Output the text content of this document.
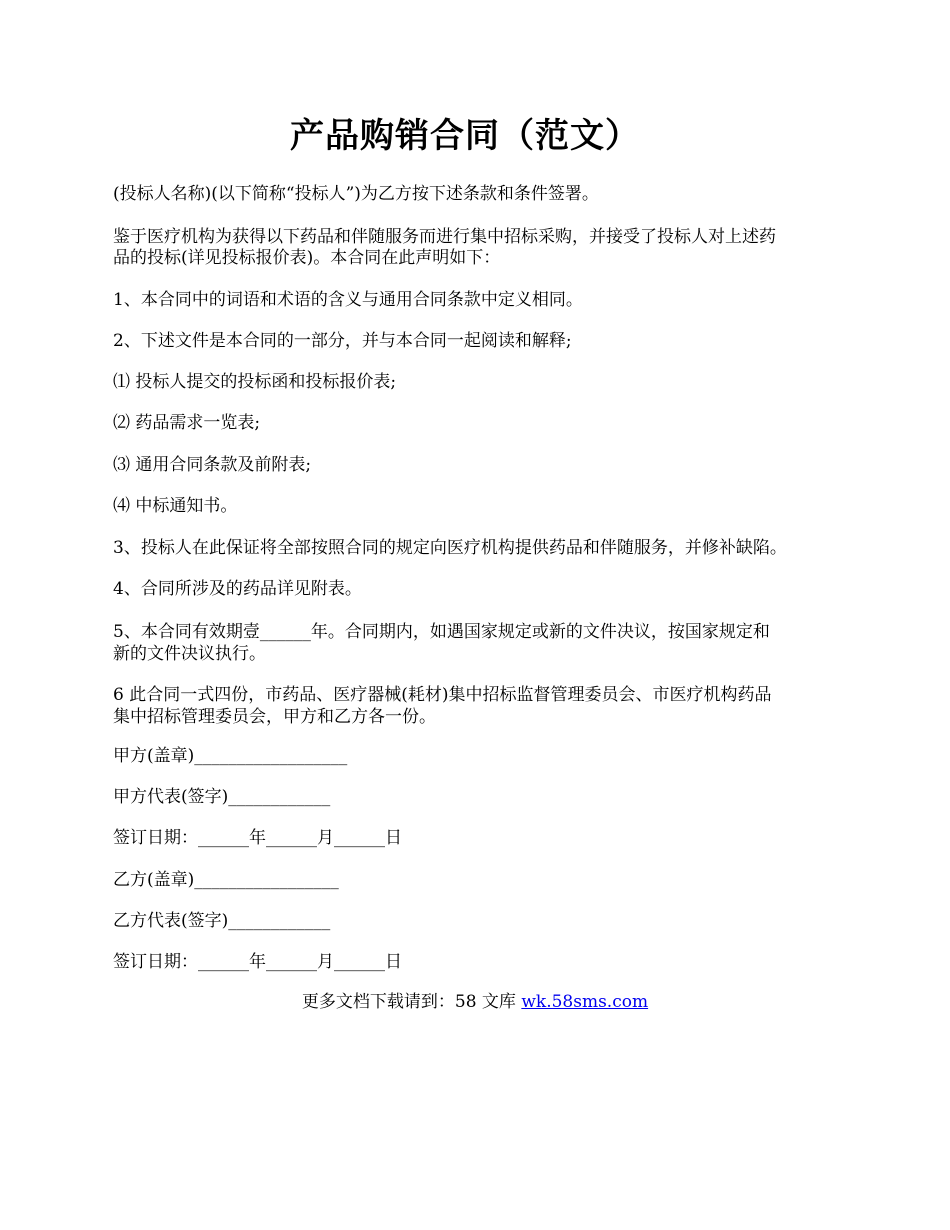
产品购销合同（范文）
(投标人名称)(以下简称“投标人”)为乙方按下述条款和条件签署。
鉴于医疗机构为获得以下药品和伴随服务而进行集中招标采购，并接受了投标人对上述药
品的投标(详见投标报价表)。本合同在此声明如下：
1、本合同中的词语和术语的含义与通用合同条款中定义相同。
2、下述文件是本合同的一部分，并与本合同一起阅读和解释;
⑴ 投标人提交的投标函和投标报价表;
⑵ 药品需求一览表;
⑶ 通用合同条款及前附表;
⑷ 中标通知书。
3、投标人在此保证将全部按照合同的规定向医疗机构提供药品和伴随服务，并修补缺陷。
4、合同所涉及的药品详见附表。
5、本合同有效期壹______年。合同期内，如遇国家规定或新的文件决议，按国家规定和
新的文件决议执行。
6 此合同一式四份，市药品、医疗器械(耗材)集中招标监督管理委员会、市医疗机构药品
集中招标管理委员会，甲方和乙方各一份。
甲方(盖章)__________________
甲方代表(签字)____________
签订日期：______年______月______日
乙方(盖章)_________________
乙方代表(签字)____________
签订日期：______年______月______日
更多文档下载请到：58 文库 wk.58sms.com
